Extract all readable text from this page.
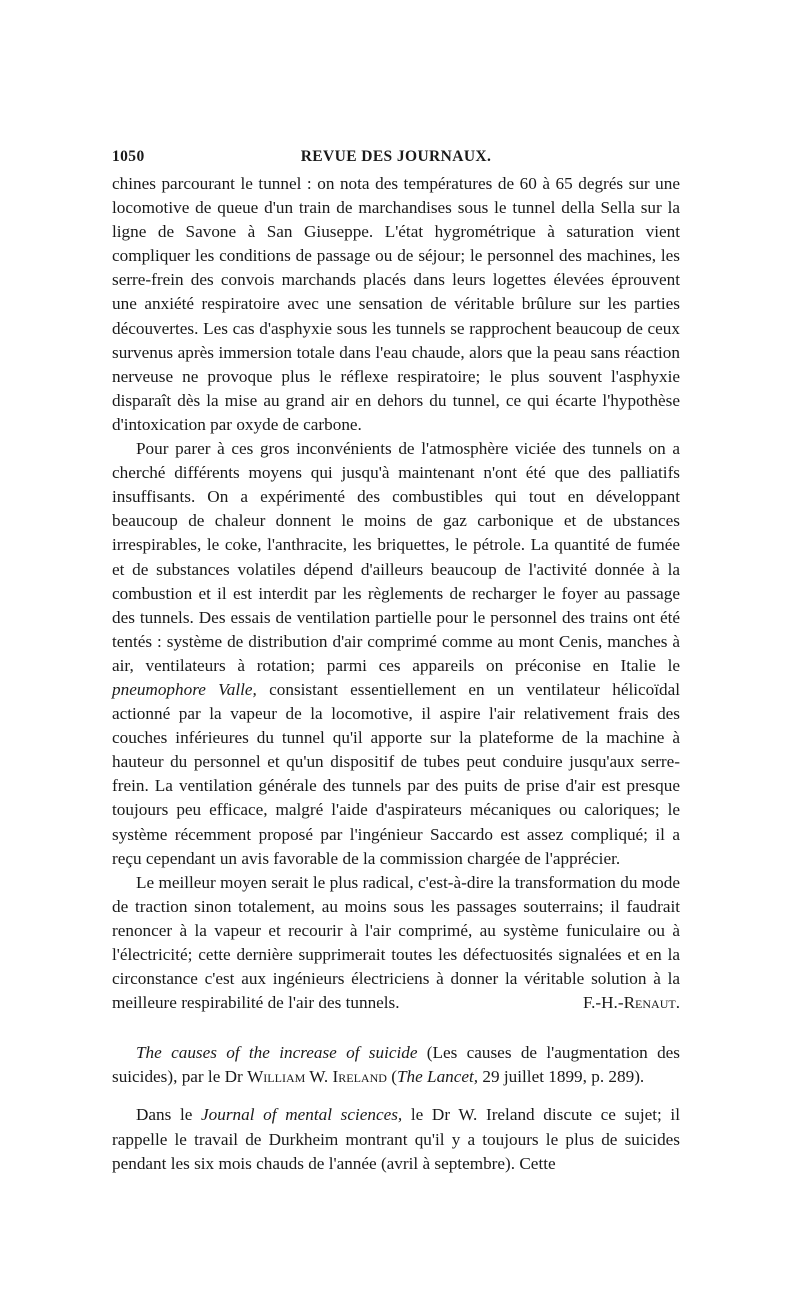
1050	REVUE DES JOURNAUX.

chines parcourant le tunnel : on nota des températures de 60 à 65 degrés sur une locomotive de queue d'un train de marchandises sous le tunnel della Sella sur la ligne de Savone à San Giuseppe. L'état hygrométrique à saturation vient compliquer les conditions de passage ou de séjour; le personnel des machines, les serre-frein des convois marchands placés dans leurs logettes élevées éprouvent une anxiété respiratoire avec une sensation de véritable brûlure sur les parties découvertes. Les cas d'asphyxie sous les tunnels se rapprochent beaucoup de ceux survenus après immersion totale dans l'eau chaude, alors que la peau sans réaction nerveuse ne provoque plus le réflexe respiratoire; le plus souvent l'asphyxie disparaît dès la mise au grand air en dehors du tunnel, ce qui écarte l'hypothèse d'intoxication par oxyde de carbone.

Pour parer à ces gros inconvénients de l'atmosphère viciée des tunnels on a cherché différents moyens qui jusqu'à maintenant n'ont été que des palliatifs insuffisants. On a expérimenté des combustibles qui tout en développant beaucoup de chaleur donnent le moins de gaz carbonique et de ubstances irrespirables, le coke, l'anthracite, les briquettes, le pétrole. La quantité de fumée et de substances volatiles dépend d'ailleurs beaucoup de l'activité donnée à la combustion et il est interdit par les règlements de recharger le foyer au passage des tunnels. Des essais de ventilation partielle pour le personnel des trains ont été tentés : système de distribution d'air comprimé comme au mont Cenis, manches à air, ventilateurs à rotation; parmi ces appareils on préconise en Italie le pneumophore Valle, consistant essentiellement en un ventilateur hélicoïdal actionné par la vapeur de la locomotive, il aspire l'air relativement frais des couches inférieures du tunnel qu'il apporte sur la plateforme de la machine à hauteur du personnel et qu'un dispositif de tubes peut conduire jusqu'aux serre-frein. La ventilation générale des tunnels par des puits de prise d'air est presque toujours peu efficace, malgré l'aide d'aspirateurs mécaniques ou caloriques; le système récemment proposé par l'ingénieur Saccardo est assez compliqué; il a reçu cependant un avis favorable de la commission chargée de l'apprécier.

Le meilleur moyen serait le plus radical, c'est-à-dire la transformation du mode de traction sinon totalement, au moins sous les passages souterrains; il faudrait renoncer à la vapeur et recourir à l'air comprimé, au système funiculaire ou à l'électricité; cette dernière supprimerait toutes les défectuosités signalées et en la circonstance c'est aux ingénieurs électriciens à donner la véritable solution à la meilleure respirabilité de l'air des tunnels.	F.-H.-Renaut.

The causes of the increase of suicide (Les causes de l'augmentation des suicides), par le Dr William W. Ireland (The Lancet, 29 juillet 1899, p. 289).

Dans le Journal of mental sciences, le Dr W. Ireland discute ce sujet; il rappelle le travail de Durkheim montrant qu'il y a toujours le plus de suicides pendant les six mois chauds de l'année (avril à septembre). Cette
